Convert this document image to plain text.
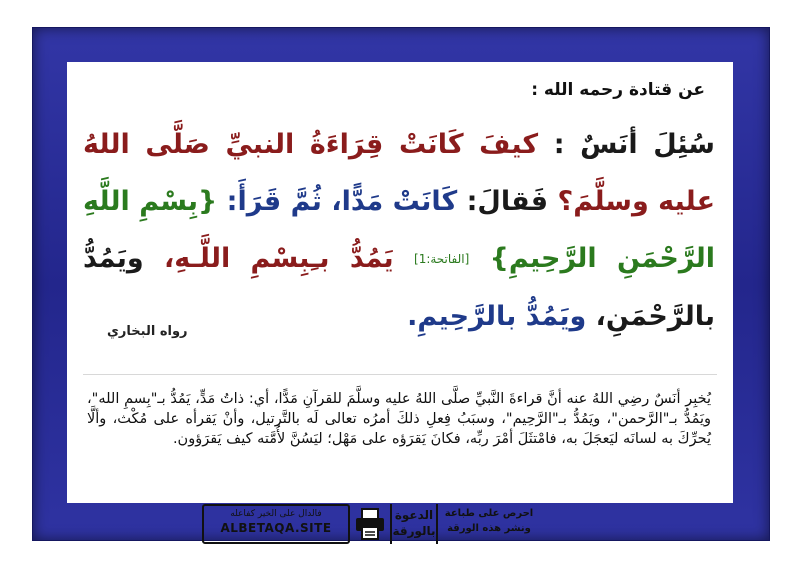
عن قتادة رحمه الله :
سُئِلَ أنَسٌ : كيفَ كَانَتْ قِرَاءَةُ النبيِّ صَلَّى اللهُ عليه وسلَّمَ؟ فَقالَ: كَانَتْ مَدًّا، ثُمَّ قَرَأَ: {بِسْمِ اللَّهِ الرَّحْمَنِ الرَّحِيمِ} [الفاتحة:1] يَمُدُّ بـِبِسْمِ اللَّـهِ، ويَمُدُّ بالرَّحْمَنِ، ويَمُدُّ بالرَّحِيمِ.
رواه البخاري
يُخبِر أنَسٌ رضِي اللهُ عنه أنَّ قراءةَ النَّبيِّ صلَّى اللهُ عليه وسلَّمَ للقرآنِ مَدًّا، أي: ذاتُ مَدٍّ، يَمُدُّ بـ"بِسمِ الله"، ويَمُدُّ بـ"الرَّحمن"، ويَمُدُّ بـ"الرَّحِيم"، وسبَبُ فِعلِ ذلكَ أمرُه تعالى لَه بالتَّرتيل، وأنْ يَقرأه على مُكْث، وألَّا يُحرِّكَ به لسانَه ليَعجَلَ به، فامْتثَلَ أمْرَ ربِّه، فكانَ يَقرَؤه على مَهْل؛ ليَسُنَّ لأُمَّته كيف يَقرَؤون.
فالدال على الخير كفاعله
ALBETAQA.SITE
الدعوة
بالورقة
احرص على طباعة
ونشر هذه الورقة
